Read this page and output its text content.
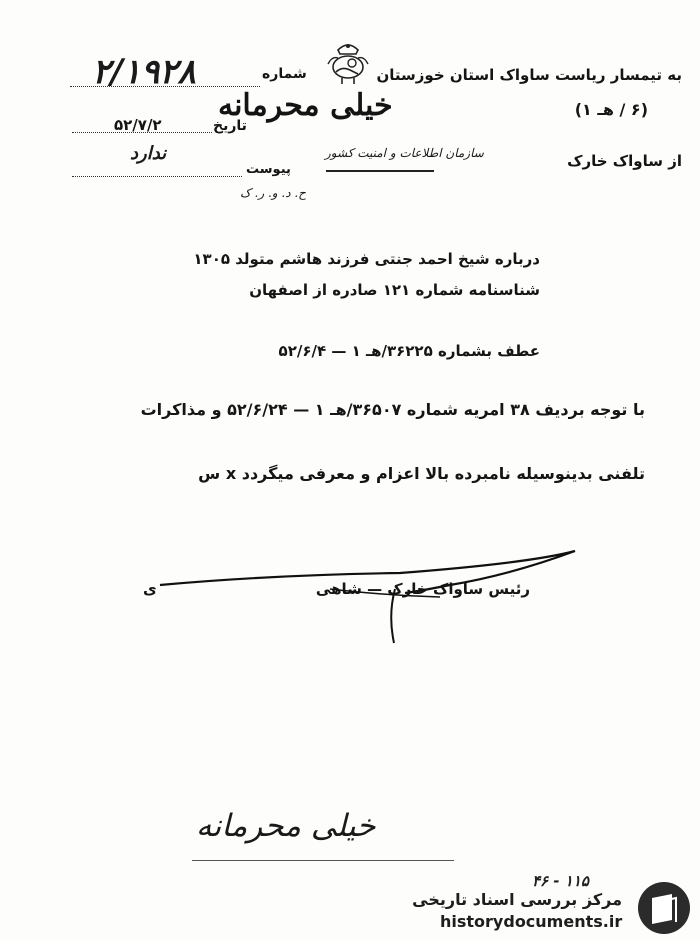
به تیمسار ریاست ساواک استان خوزستان
شماره
۲/۱۹۲۸
(۶ / هـ ۱)
خیلی محرمانه
تاریخ
۵۲/۷/۲
از ساواک خارک
سازمان اطلاعات و امنیت کشور
پیوست
ندارد
ح. د. و. ر. ک
درباره شیخ احمد جنتی فرزند هاشم متولد ۱۳۰۵
شناسنامه شماره ۱۲۱ صادره از اصفهان
عطف بشماره ۳۶۲۲۵/هـ ۱ — ۵۲/۶/۴
با توجه برديف ۳۸ امریه شماره ۳۶۵۰۷/هـ ۱ — ۵۲/۶/۲۴ و مذاکرات
تلفنی بدینوسیله نامبرده بالا اعزام و معرفی میگردد x س
رئیس ساواک خارک — شاهی
ی
خیلی محرمانه
۴۶ - ۱۱۵
مرکز بررسی اسناد تاریخی
historydocuments.ir
